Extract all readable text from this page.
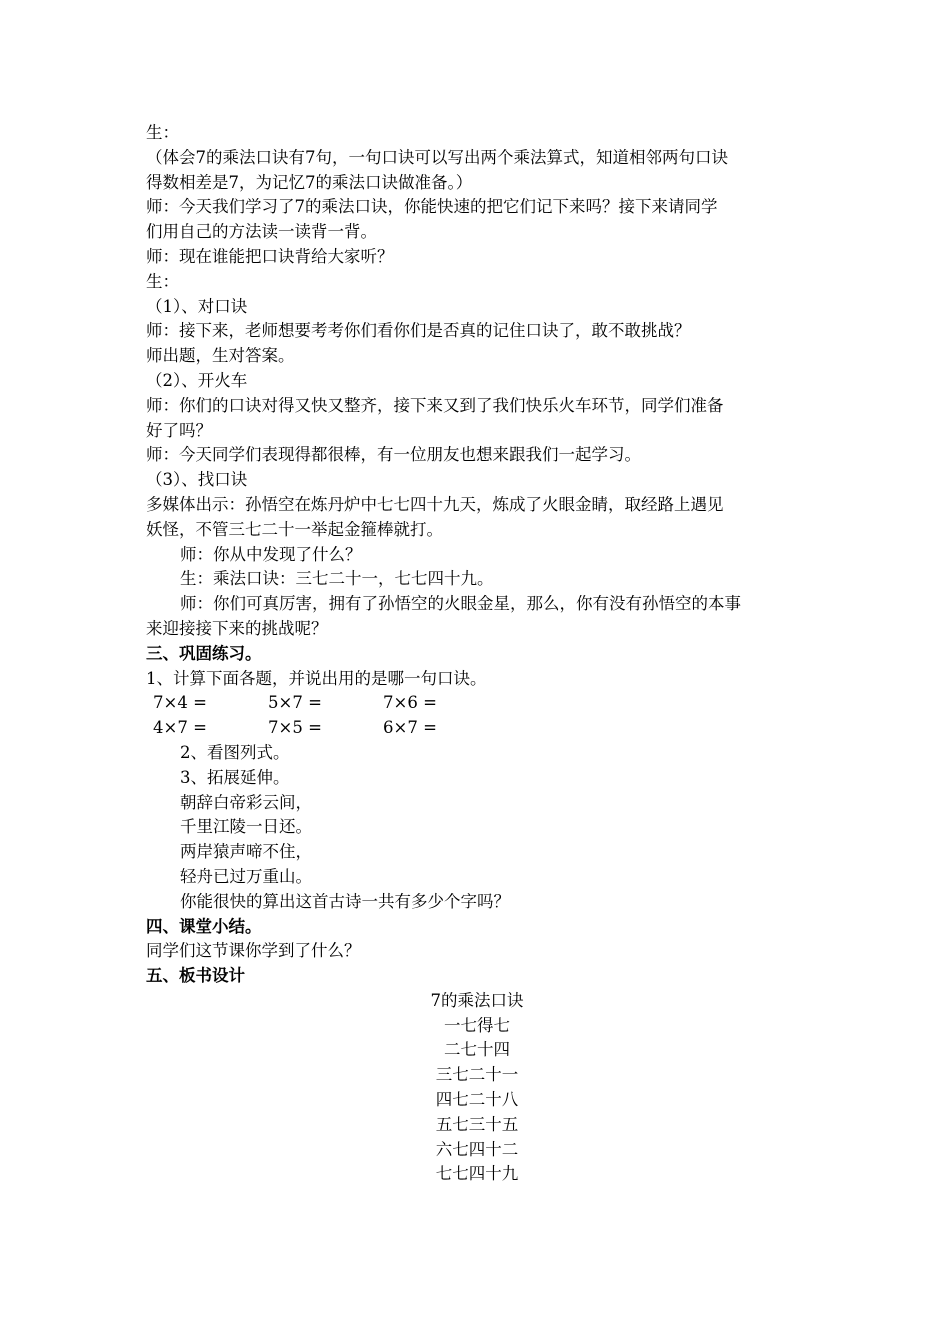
生：
（体会7的乘法口诀有7句，一句口诀可以写出两个乘法算式，知道相邻两句口诀
得数相差是7，为记忆7的乘法口诀做准备。）
师：今天我们学习了7的乘法口诀，你能快速的把它们记下来吗？接下来请同学
们用自己的方法读一读背一背。
师：现在谁能把口诀背给大家听？
生：
（1）、对口诀
师：接下来，老师想要考考你们看你们是否真的记住口诀了，敢不敢挑战？
师出题，生对答案。
（2）、开火车
师：你们的口诀对得又快又整齐，接下来又到了我们快乐火车环节，同学们准备
好了吗？
师：今天同学们表现得都很棒，有一位朋友也想来跟我们一起学习。
（3）、找口诀
多媒体出示：孙悟空在炼丹炉中七七四十九天，炼成了火眼金睛，取经路上遇见
妖怪，不管三七二十一举起金箍棒就打。
师：你从中发现了什么？
生：乘法口诀：三七二十一，七七四十九。
师：你们可真厉害，拥有了孙悟空的火眼金星，那么，你有没有孙悟空的本事
来迎接接下来的挑战呢？
三、巩固练习。
1、计算下面各题，并说出用的是哪一句口诀。
7×4 =	5×7 =	7×6 =
4×7 =	7×5 =	6×7 =
2、看图列式。
3、拓展延伸。
朝辞白帝彩云间，
千里江陵一日还。
两岸猿声啼不住，
轻舟已过万重山。
你能很快的算出这首古诗一共有多少个字吗？
四、课堂小结。
同学们这节课你学到了什么？
五、板书设计
7的乘法口诀
一七得七
二七十四
三七二十一
四七二十八
五七三十五
六七四十二
七七四十九
